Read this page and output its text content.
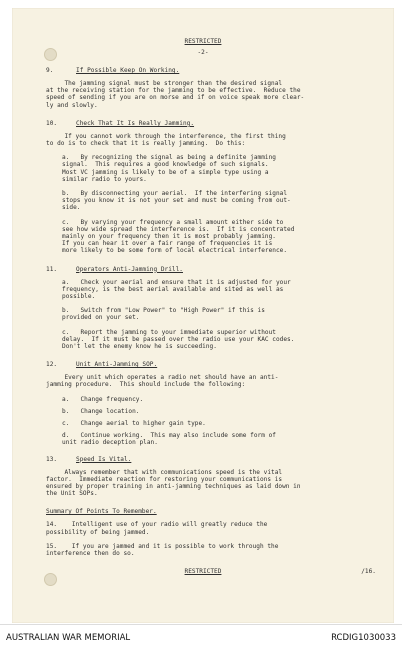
RESTRICTED
-2-
9.	If Possible Keep On Working.
The jamming signal must be stronger than the desired signal
at the receiving station for the jamming to be effective.  Reduce the
speed of sending if you are on morse and if on voice speak more clear-
ly and slowly.
10.	Check That It Is Really Jamming.
If you cannot work through the interference, the first thing
to do is to check that it is really jamming.  Do this:
a.   By recognizing the signal as being a definite jamming
signal.  This requires a good knowledge of such signals.
Most VC jamming is likely to be of a simple type using a
similar radio to yours.
b.   By disconnecting your aerial.  If the interfering signal
stops you know it is not your set and must be coming from out-
side.
c.   By varying your frequency a small amount either side to
see how wide spread the interference is.  If it is concentrated
mainly on your frequency then it is most probably jamming.
If you can hear it over a fair range of frequencies it is
more likely to be some form of local electrical interference.
11.	Operators Anti-Jamming Drill.
a.   Check your aerial and ensure that it is adjusted for your
frequency, is the best aerial available and sited as well as
possible.
b.   Switch from "Low Power" to "High Power" if this is
provided on your set.
c.   Report the jamming to your immediate superior without
delay.  If it must be passed over the radio use your KAC codes.
Don't let the enemy know he is succeeding.
12.	Unit Anti-Jamming SOP.
Every unit which operates a radio net should have an anti-
jamming procedure.  This should include the following:
a.   Change frequency.
b.   Change location.
c.   Change aerial to higher gain type.
d.   Continue working.  This may also include some form of
unit radio deception plan.
13.	Speed Is Vital.
Always remember that with communications speed is the vital
factor.  Immediate reaction for restoring your communications is
ensured by proper training in anti-jamming techniques as laid down in
the Unit SOPs.
Summary Of Points To Remember.
14.    Intelligent use of your radio will greatly reduce the
possibility of being jammed.
15.    If you are jammed and it is possible to work through the
interference then do so.
RESTRICTED	/16.
AUSTRALIAN WAR MEMORIAL	RCDIG1030033
